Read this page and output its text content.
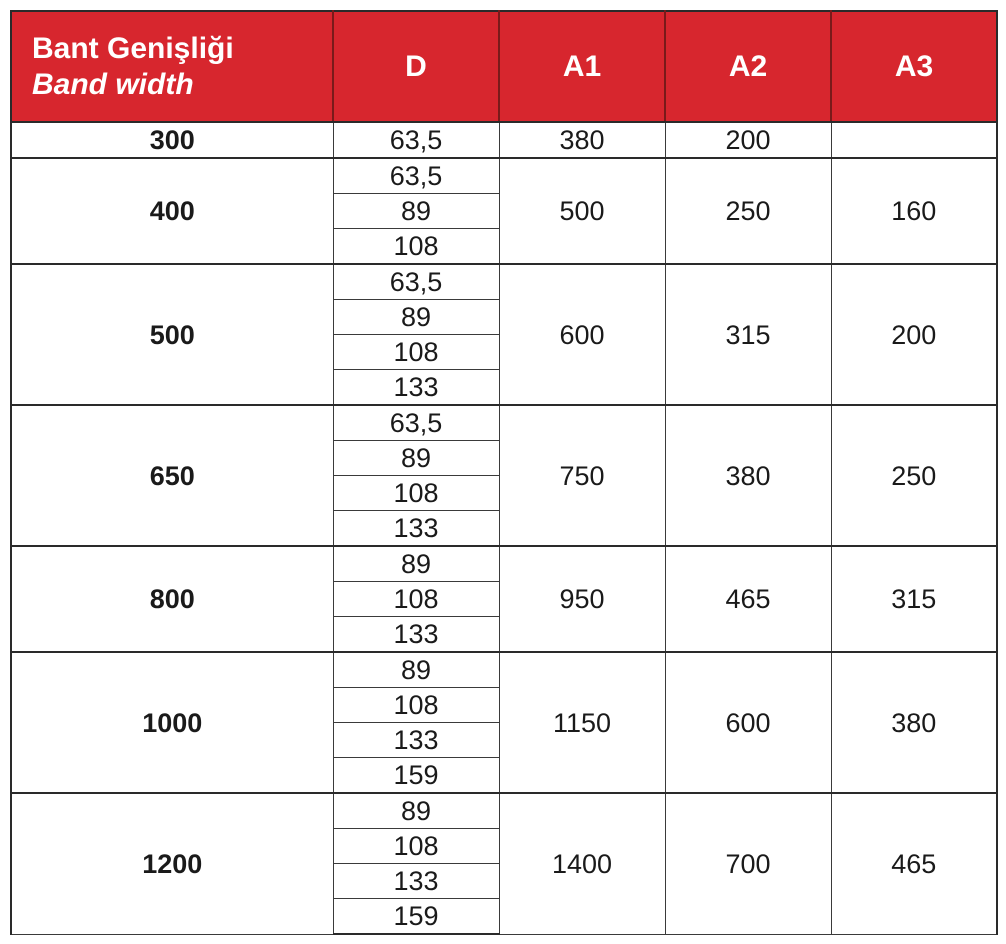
Bant Genişliği
Band width	D	A1	A2	A3
300	63,5	380	200	
400	63,5	500	250	160
	89			
	108			
500	63,5	600	315	200
	89			
	108			
	133			
650	63,5	750	380	250
	89			
	108			
	133			
800	89	950	465	315
	108			
	133			
1000	89	1150	600	380
	108			
	133			
	159			
1200	89	1400	700	465
	108			
	133			
	159			
